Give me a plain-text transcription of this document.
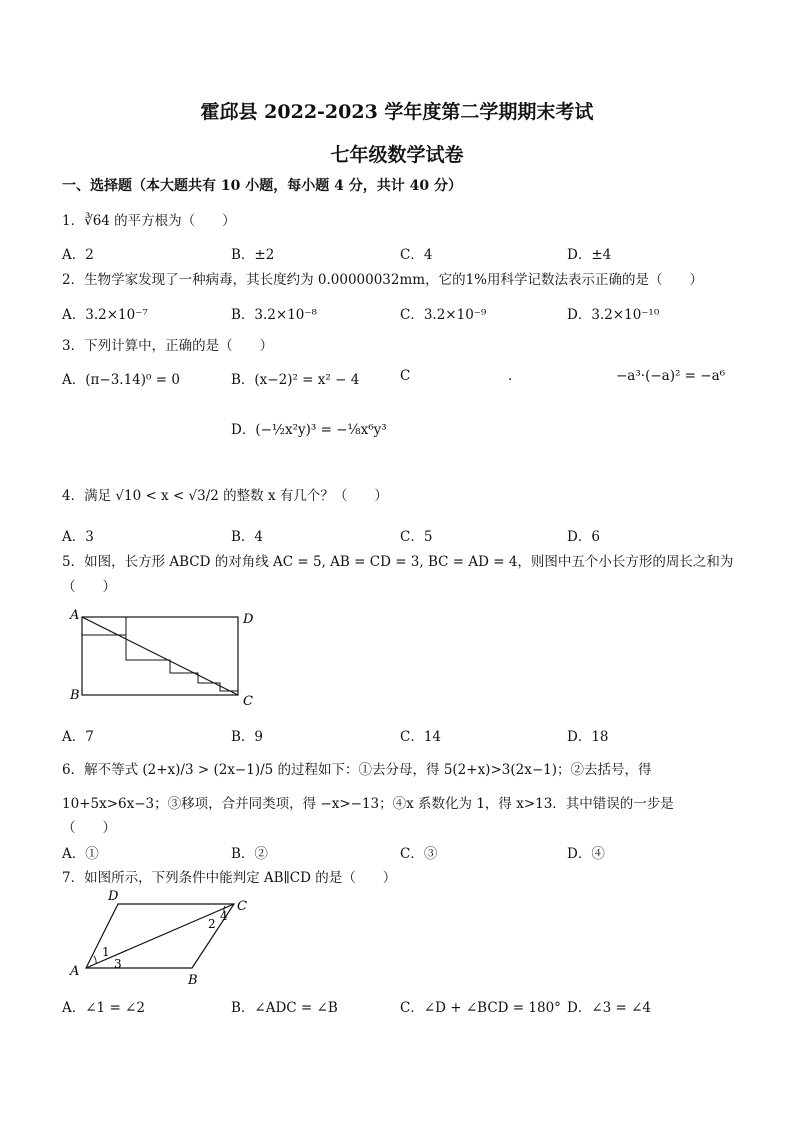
霍邱县 2022-2023 学年度第二学期期末考试
七年级数学试卷
一、选择题（本大题共有 10 小题，每小题 4 分，共计 40 分）
1．∛64 的平方根为（　　）
A．2	B．±2	C．4	D．±4
2．生物学家发现了一种病毒，其长度约为 0.00000032mm，它的1%用科学记数法表示正确的是（　　）
A．3.2×10⁻⁷	B．3.2×10⁻⁸	C．3.2×10⁻⁹	D．3.2×10⁻¹⁰
3．下列计算中，正确的是（　　）
A．(π−3.14)⁰ = 0	B．(x−2)² = x² − 4	C	.	−a³·(−a)² = −a⁶
D．(−½x²y)³ = −⅛x⁶y³
4．满足 √10 < x < √3/2 的整数 x 有几个？（　　）
A．3	B．4	C．5	D．6
5．如图，长方形 ABCD 的对角线 AC = 5, AB = CD = 3, BC = AD = 4，则图中五个小长方形的周长之和为
（　　）
A	D
B	C
A．7	B．9	C．14	D．18
6．解不等式 (2+x)/3 > (2x−1)/5 的过程如下：①去分母，得 5(2+x)>3(2x−1)；②去括号，得
10+5x>6x−3；③移项，合并同类项，得 −x>−13；④x 系数化为 1，得 x>13．其中错误的一步是
（　　）
A．①	B．②	C．③	D．④
7．如图所示，下列条件中能判定 AB∥CD 的是（　　）
D
C
A
B
1
2
3
4
A．∠1 = ∠2	B．∠ADC = ∠B	C．∠D + ∠BCD = 180° D．∠3 = ∠4
